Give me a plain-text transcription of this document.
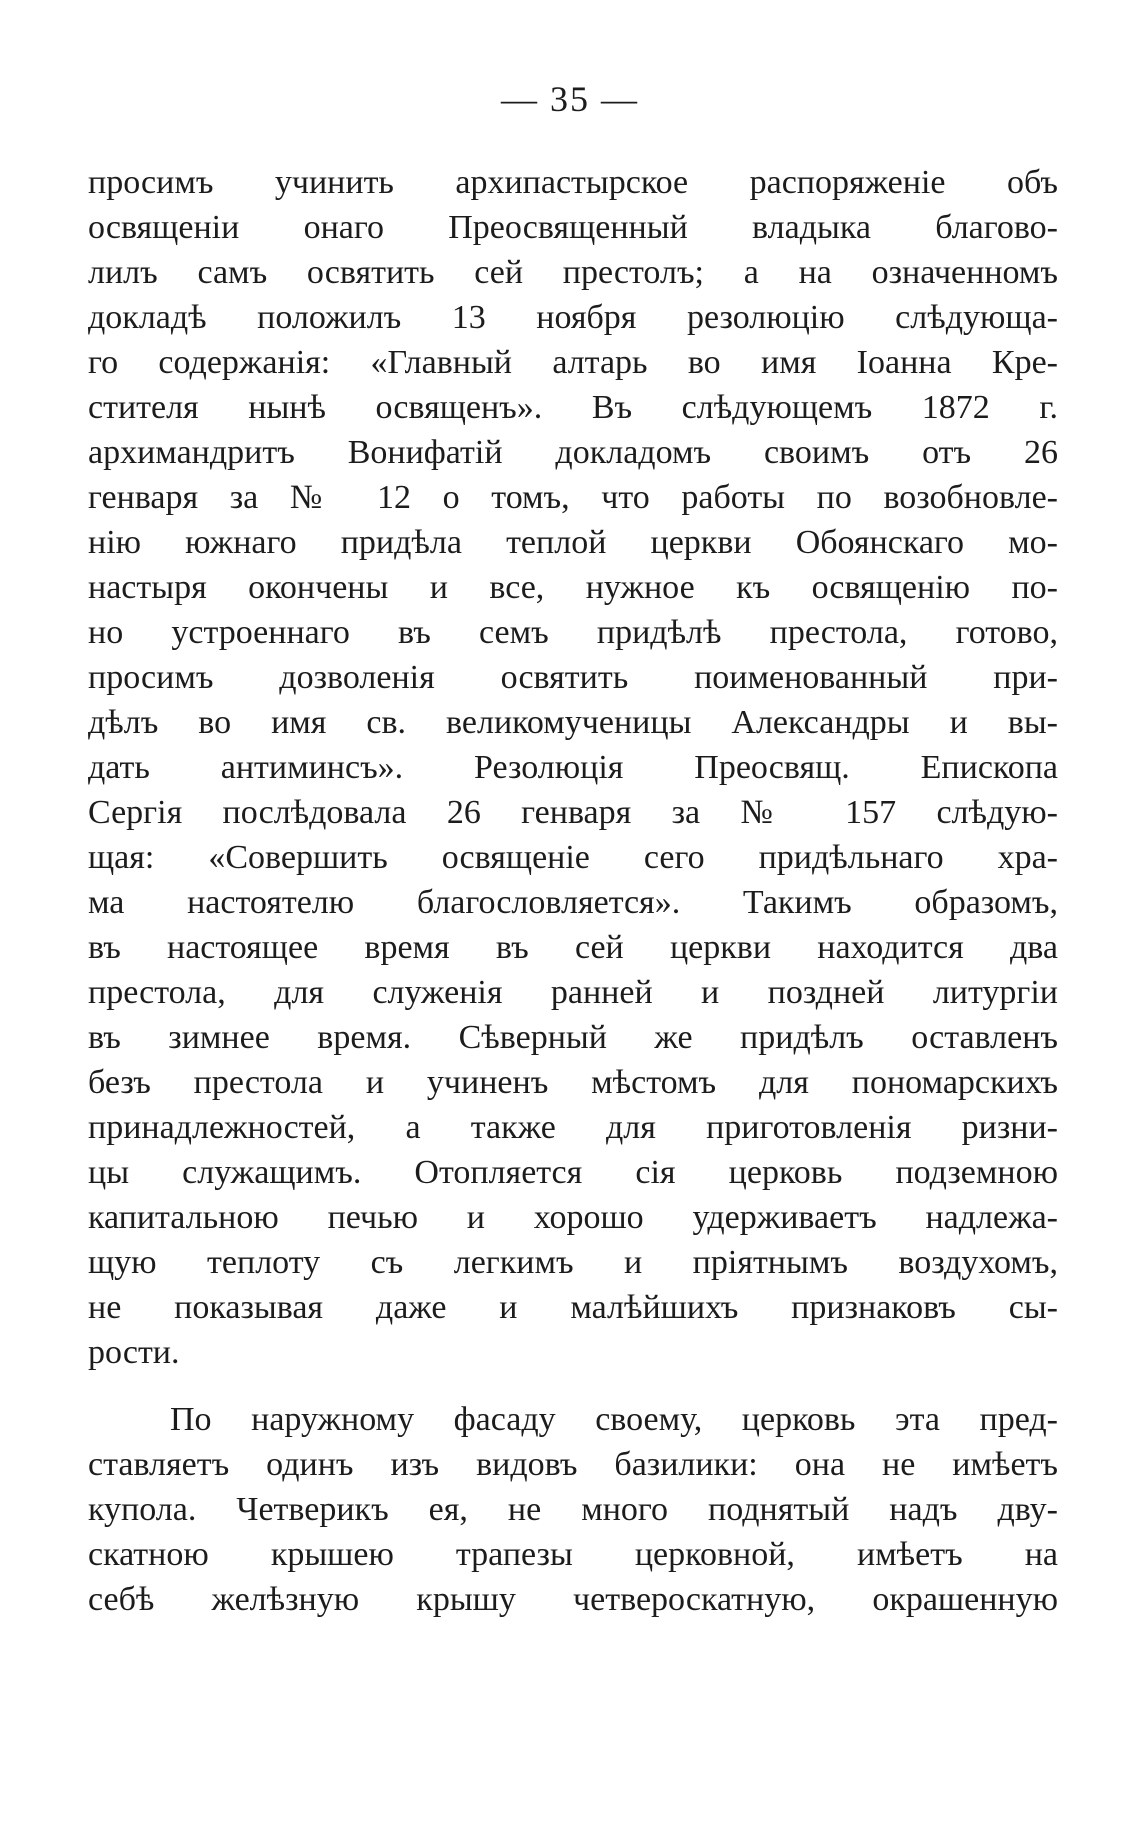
— 35 —
просимъ учинить архипастырское распоряженіе объ
освященіи онаго Преосвященный владыка благово-
лилъ самъ освятить сей престолъ; а на означенномъ
докладѣ положилъ 13 ноября резолюцію слѣдующа-
го содержанія: «Главный алтарь во имя Іоанна Кре-
стителя нынѣ освященъ». Въ слѣдующемъ 1872 г.
архимандритъ Вонифатій докладомъ своимъ отъ 26
генваря за № 12 о томъ, что работы по возобновле-
нію южнаго придѣла теплой церкви Обоянскаго мо-
настыря окончены и все, нужное къ освященію по-
но устроеннаго въ семъ придѣлѣ престола, готово,
просимъ дозволенія освятить поименованный при-
дѣлъ во имя св. великомученицы Александры и вы-
дать антиминсъ». Резолюція Преосвящ. Епископа
Сергія послѣдовала 26 генваря за № 157 слѣдую-
щая: «Совершить освященіе сего придѣльнаго хра-
ма настоятелю благословляется». Такимъ образомъ,
въ настоящее время въ сей церкви находится два
престола, для служенія ранней и поздней литургіи
въ зимнее время. Сѣверный же придѣлъ оставленъ
безъ престола и учиненъ мѣстомъ для пономарскихъ
принадлежностей, а также для приготовленія ризни-
цы служащимъ. Отопляется сія церковь подземною
капитальною печью и хорошо удерживаетъ надлежа-
щую теплоту съ легкимъ и пріятнымъ воздухомъ,
не показывая даже и малѣйшихъ признаковъ сы-
рости.
По наружному фасаду своему, церковь эта пред-
ставляетъ одинъ изъ видовъ базилики: она не имѣетъ
купола. Четверикъ ея, не много поднятый надъ дву-
скатною крышею трапезы церковной, имѣетъ на
себѣ желѣзную крышу четвероскатную, окрашенную
